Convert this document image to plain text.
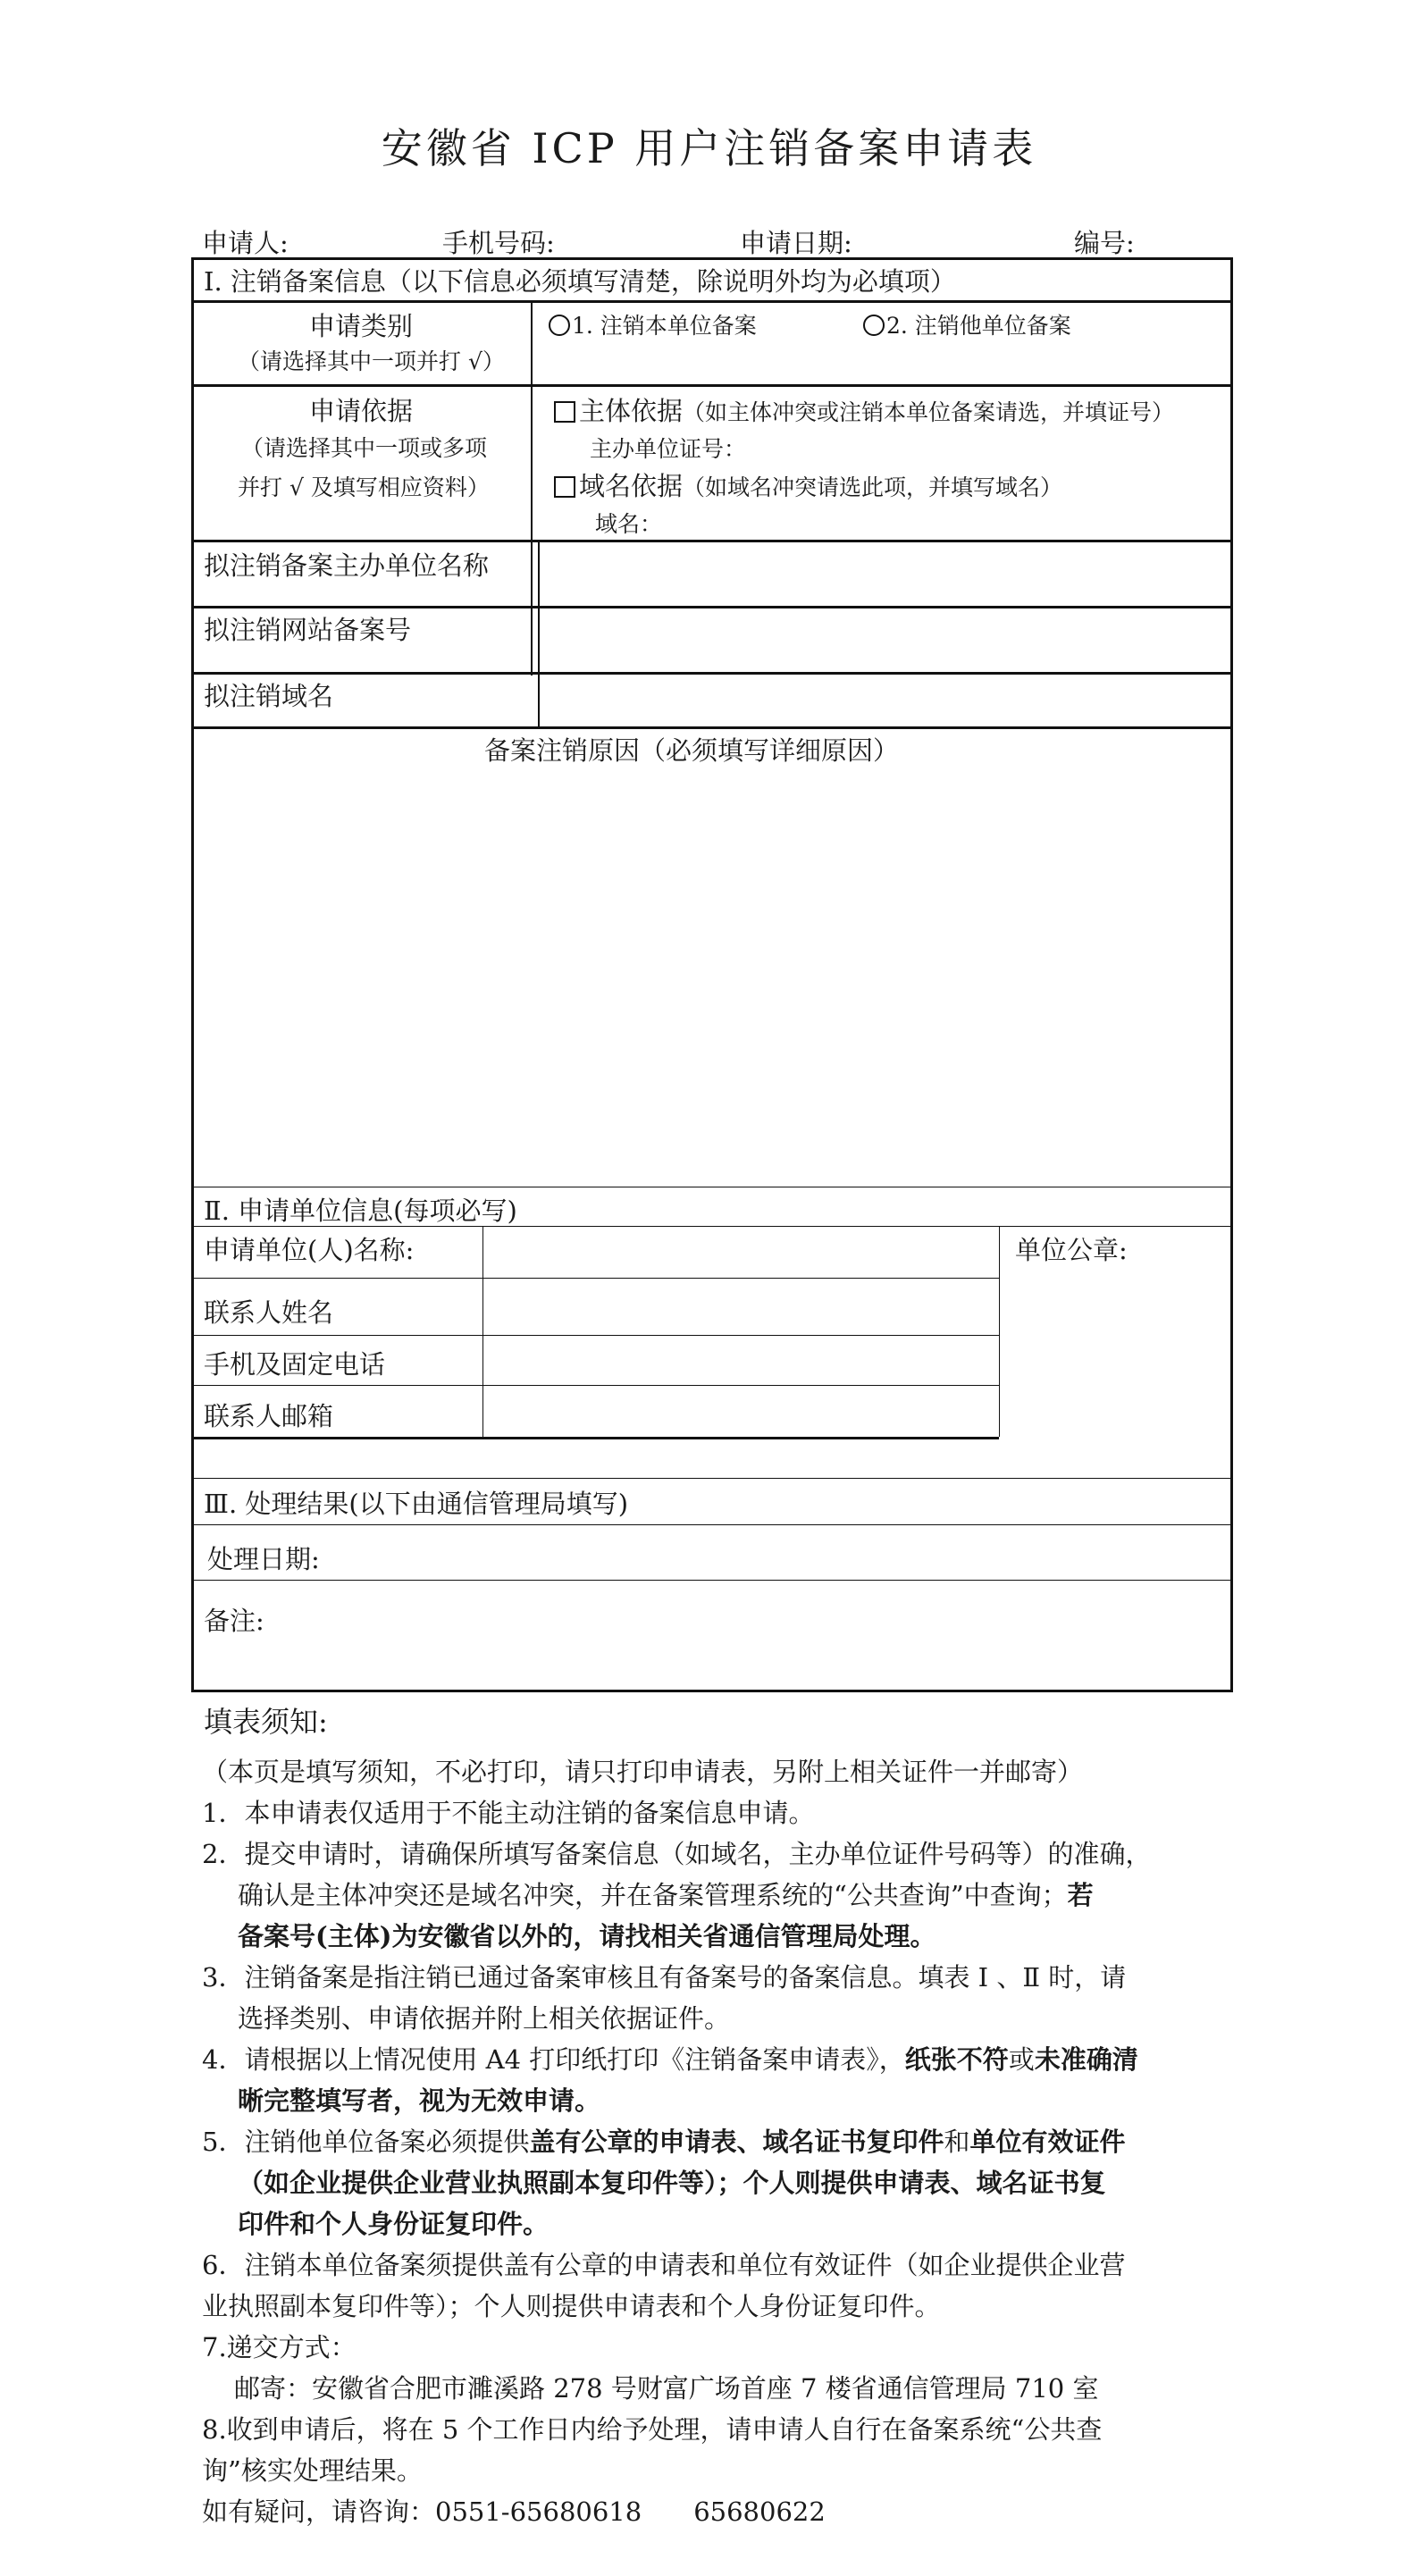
安徽省 ICP 用户注销备案申请表
申请人:	手机号码:	申请日期:	编号:
Ⅰ. 注销备案信息（以下信息必须填写清楚，除说明外均为必填项）
申请类别
（请选择其中一项并打 √）
1. 注销本单位备案	2. 注销他单位备案
申请依据
（请选择其中一项或多项
并打 √ 及填写相应资料）
主体依据（如主体冲突或注销本单位备案请选，并填证号）
主办单位证号：
域名依据（如域名冲突请选此项，并填写域名）
域名：
拟注销备案主办单位名称
拟注销网站备案号
拟注销域名
备案注销原因（必须填写详细原因）
Ⅱ. 申请单位信息(每项必写)
申请单位(人)名称:	单位公章:
联系人姓名
手机及固定电话
联系人邮箱
Ⅲ. 处理结果(以下由通信管理局填写)
处理日期:
备注:
填表须知:

（本页是填写须知，不必打印，请只打印申请表，另附上相关证件一并邮寄）

1．本申请表仅适用于不能主动注销的备案信息申请。

2．提交申请时，请确保所填写备案信息（如域名，主办单位证件号码等）的准确，

确认是主体冲突还是域名冲突，并在备案管理系统的“公共查询”中查询；若

备案号(主体)为安徽省以外的，请找相关省通信管理局处理。

3．注销备案是指注销已通过备案审核且有备案号的备案信息。填表 Ⅰ 、Ⅱ 时，请

选择类别、申请依据并附上相关依据证件。

4．请根据以上情况使用 A4 打印纸打印《注销备案申请表》，纸张不符或未准确清

晰完整填写者，视为无效申请。

5．注销他单位备案必须提供盖有公章的申请表、域名证书复印件和单位有效证件

（如企业提供企业营业执照副本复印件等）；个人则提供申请表、域名证书复

印件和个人身份证复印件。

6．注销本单位备案须提供盖有公章的申请表和单位有效证件（如企业提供企业营

业执照副本复印件等）；个人则提供申请表和个人身份证复印件。

7.递交方式：

邮寄：安徽省合肥市濉溪路 278 号财富广场首座 7 楼省通信管理局 710 室

8.收到申请后，将在 5 个工作日内给予处理，请申请人自行在备案系统“公共查

询”核实处理结果。

如有疑问，请咨询：0551-65680618　　65680622
